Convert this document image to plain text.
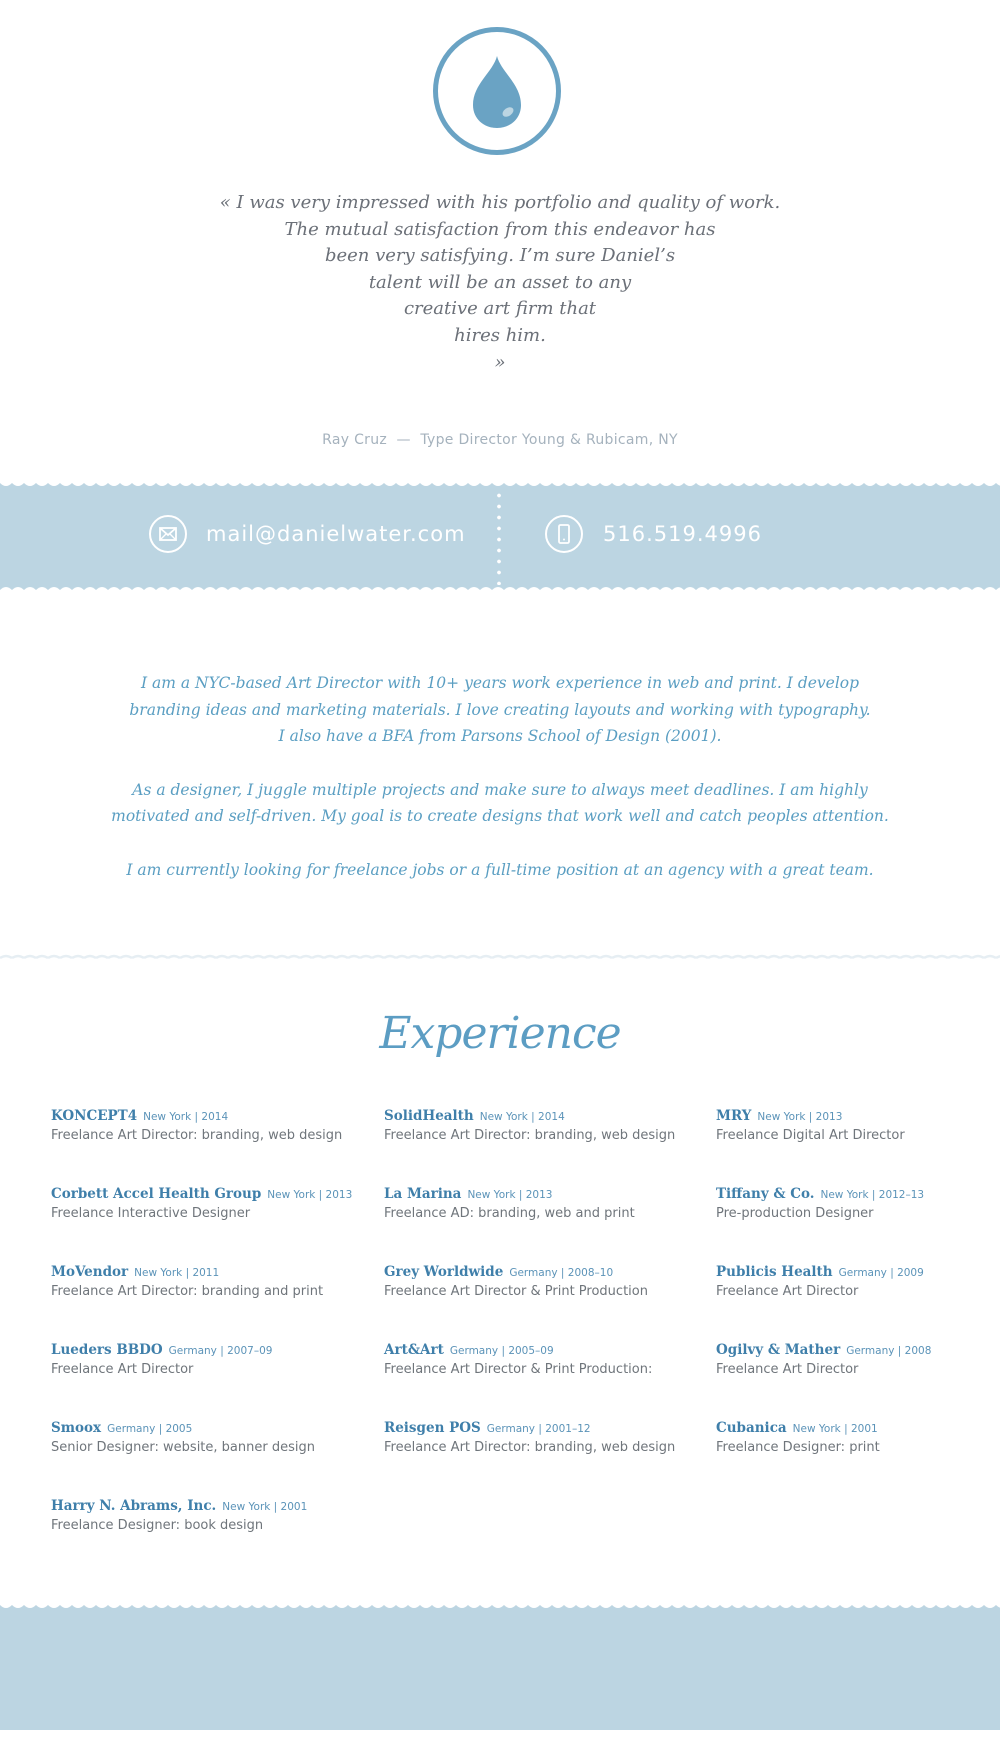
« I was very impressed with his portfolio and quality of work.
The mutual satisfaction from this endeavor has
been very satisfying. I’m sure Daniel’s
talent will be an asset to any
creative art firm that
hires him.
»
Ray Cruz  —  Type Director Young & Rubicam, NY
mail@danielwater.com	516.519.4996

I am a NYC-based Art Director with 10+ years work experience in web and print. I develop
branding ideas and marketing materials. I love creating layouts and working with typography.
I also have a BFA from Parsons School of Design (2001).

As a designer, I juggle multiple projects and make sure to always meet deadlines. I am highly
motivated and self-driven. My goal is to create designs that work well and catch peoples attention.

I am currently looking for freelance jobs or a full-time position at an agency with a great team.

Experience
KONCEPT4 New York | 2014
Freelance Art Director: branding, web design
SolidHealth New York | 2014
Freelance Art Director: branding, web design
MRY New York | 2013
Freelance Digital Art Director
Corbett Accel Health Group New York | 2013
Freelance Interactive Designer
La Marina New York | 2013
Freelance AD: branding, web and print
Tiffany & Co. New York | 2012–13
Pre-production Designer
MoVendor New York | 2011
Freelance Art Director: branding and print
Grey Worldwide Germany | 2008–10
Freelance Art Director & Print Production
Publicis Health Germany | 2009
Freelance Art Director
Lueders BBDO Germany | 2007–09
Freelance Art Director
Art&Art Germany | 2005–09
Freelance Art Director & Print Production:
Ogilvy & Mather Germany | 2008
Freelance Art Director
Smoox Germany | 2005
Senior Designer: website, banner design
Reisgen POS Germany | 2001–12
Freelance Art Director: branding, web design
Cubanica New York | 2001
Freelance Designer: print
Harry N. Abrams, Inc. New York | 2001
Freelance Designer: book design
